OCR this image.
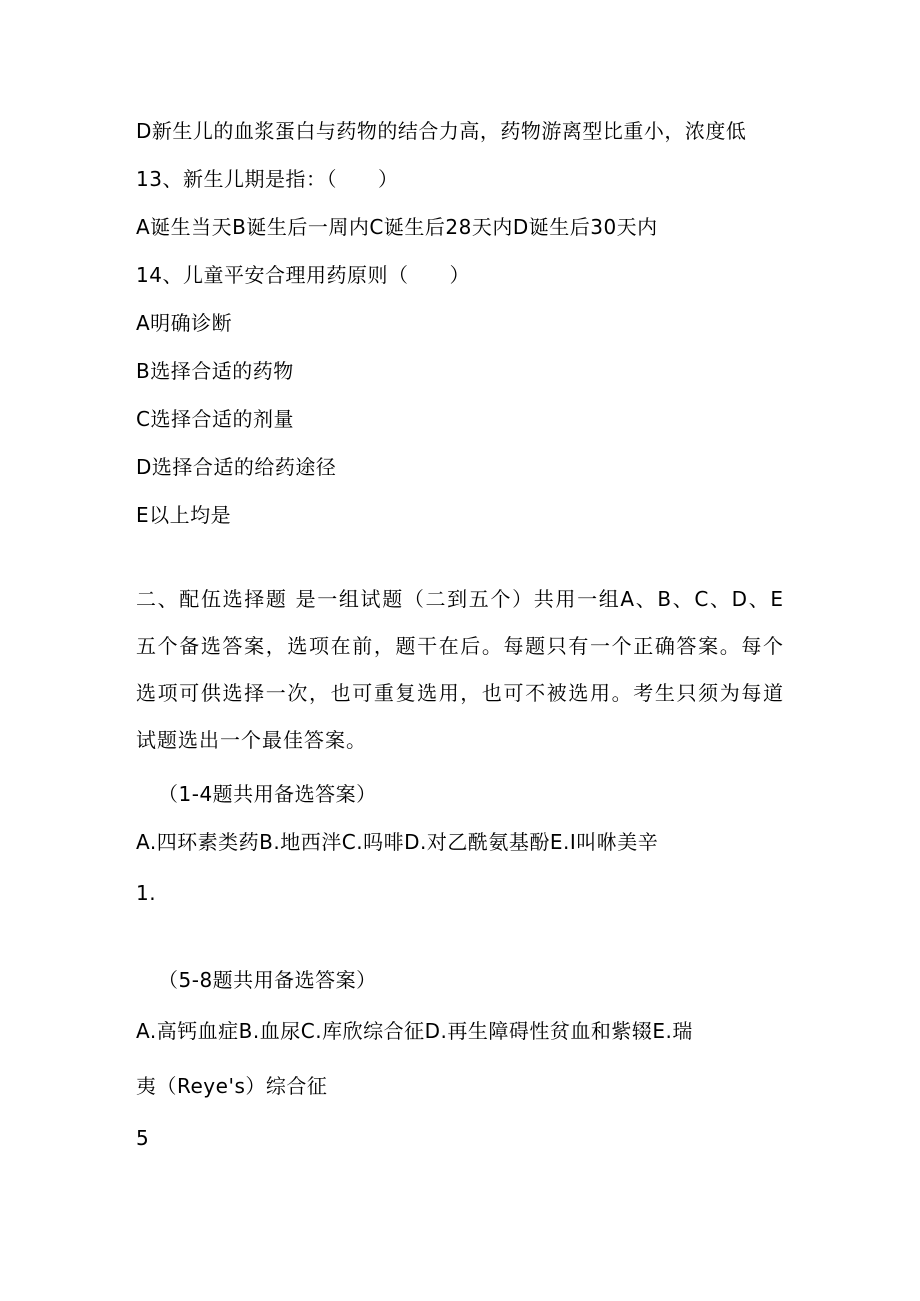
D新生儿的血浆蛋白与药物的结合力高，药物游离型比重小，浓度低
13、新生儿期是指：（　　）
A诞生当天B诞生后一周内C诞生后28天内D诞生后30天内
14、儿童平安合理用药原则（　　）
A明确诊断
B选择合适的药物
C选择合适的剂量
D选择合适的给药途径
E以上均是
二、配伍选择题 是一组试题（二到五个）共用一组A、B、C、D、E五个备选答案，选项在前，题干在后。每题只有一个正确答案。每个选项可供选择一次，也可重复选用，也可不被选用。考生只须为每道试题选出一个最佳答案。
（1-4题共用备选答案）
A.四环素类药B.地西泮C.吗啡D.对乙酰氨基酚E.I叫咻美辛
1.
（5-8题共用备选答案）
A.高钙血症B.血尿C.库欣综合征D.再生障碍性贫血和紫辍E.瑞
夷（Reye's）综合征
5
